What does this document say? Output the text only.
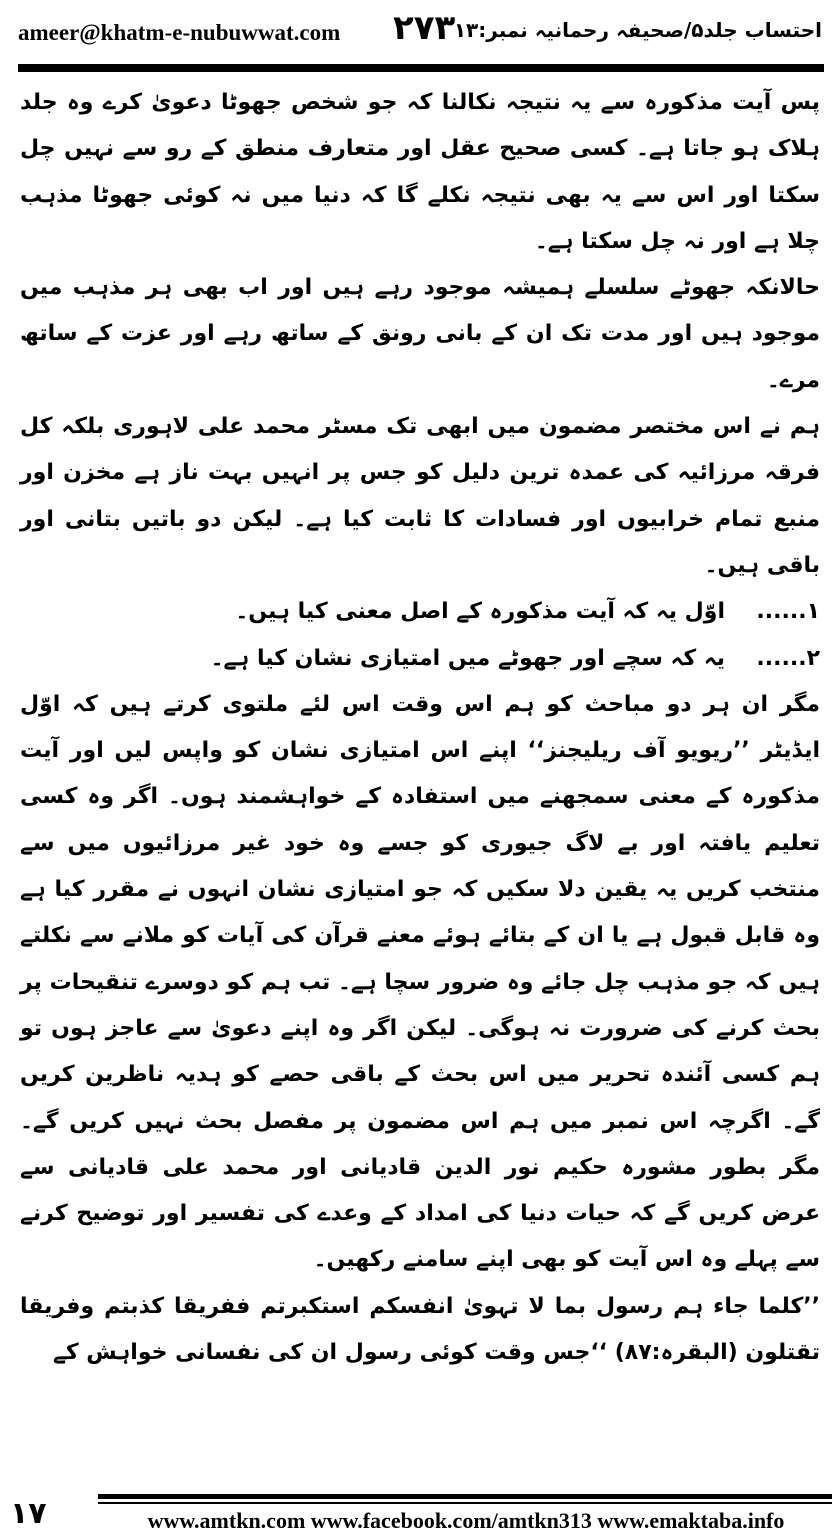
ameer@khatm-e-nubuwwat.com ۲۷۳
احتساب جلد۵/صحیفہ رحمانیہ نمبر:۱۳

پس آیت مذکورہ سے یہ نتیجہ نکالنا کہ جو شخص جھوٹا دعویٰ کرے وہ جلد ہلاک ہو جاتا ہے۔ کسی صحیح عقل اور متعارف منطق کے رو سے نہیں چل سکتا اور اس سے یہ بھی نتیجہ نکلے گا کہ دنیا میں نہ کوئی جھوٹا مذہب چلا ہے اور نہ چل سکتا ہے۔

حالانکہ جھوٹے سلسلے ہمیشہ موجود رہے ہیں اور اب بھی ہر مذہب میں موجود ہیں اور مدت تک ان کے بانی رونق کے ساتھ رہے اور عزت کے ساتھ مرے۔

ہم نے اس مختصر مضمون میں ابھی تک مسٹر محمد علی لاہوری بلکہ کل فرقہ مرزائیہ کی عمدہ ترین دلیل کو جس پر انہیں بہت ناز ہے مخزن اور منبع تمام خرابیوں اور فسادات کا ثابت کیا ہے۔ لیکن دو باتیں بتانی اور باقی ہیں۔

۱......
اوّل یہ کہ آیت مذکورہ کے اصل معنی کیا ہیں۔
۲......
یہ کہ سچے اور جھوٹے میں امتیازی نشان کیا ہے۔

مگر ان ہر دو مباحث کو ہم اس وقت اس لئے ملتوی کرتے ہیں کہ اوّل ایڈیٹر ’’ریویو آف ریلیجنز‘‘ اپنے اس امتیازی نشان کو واپس لیں اور آیت مذکورہ کے معنی سمجھنے میں استفادہ کے خواہشمند ہوں۔ اگر وہ کسی تعلیم یافتہ اور بے لاگ جیوری کو جسے وہ خود غیر مرزائیوں میں سے منتخب کریں یہ یقین دلا سکیں کہ جو امتیازی نشان انہوں نے مقرر کیا ہے وہ قابل قبول ہے یا ان کے بتائے ہوئے معنے قرآن کی آیات کو ملانے سے نکلتے ہیں کہ جو مذہب چل جائے وہ ضرور سچا ہے۔ تب ہم کو دوسرے تنقیحات پر بحث کرنے کی ضرورت نہ ہوگی۔ لیکن اگر وہ اپنے دعویٰ سے عاجز ہوں تو ہم کسی آئندہ تحریر میں اس بحث کے باقی حصے کو ہدیہ ناظرین کریں گے۔ اگرچہ اس نمبر میں ہم اس مضمون پر مفصل بحث نہیں کریں گے۔ مگر بطور مشورہ حکیم نور الدین قادیانی اور محمد علی قادیانی سے عرض کریں گے کہ حیات دنیا کی امداد کے وعدے کی تفسیر اور توضیح کرنے سے پہلے وہ اس آیت کو بھی اپنے سامنے رکھیں۔

’’کلما جاء ہم رسول بما لا تہویٰ انفسکم استکبرتم ففریقا کذبتم وفریقا تقتلون (البقرہ:۸۷) ‘‘جس وقت کوئی رسول ان کی نفسانی خواہش کے

۱۷	www.amtkn.com www.facebook.com/amtkn313 www.emaktaba.info
